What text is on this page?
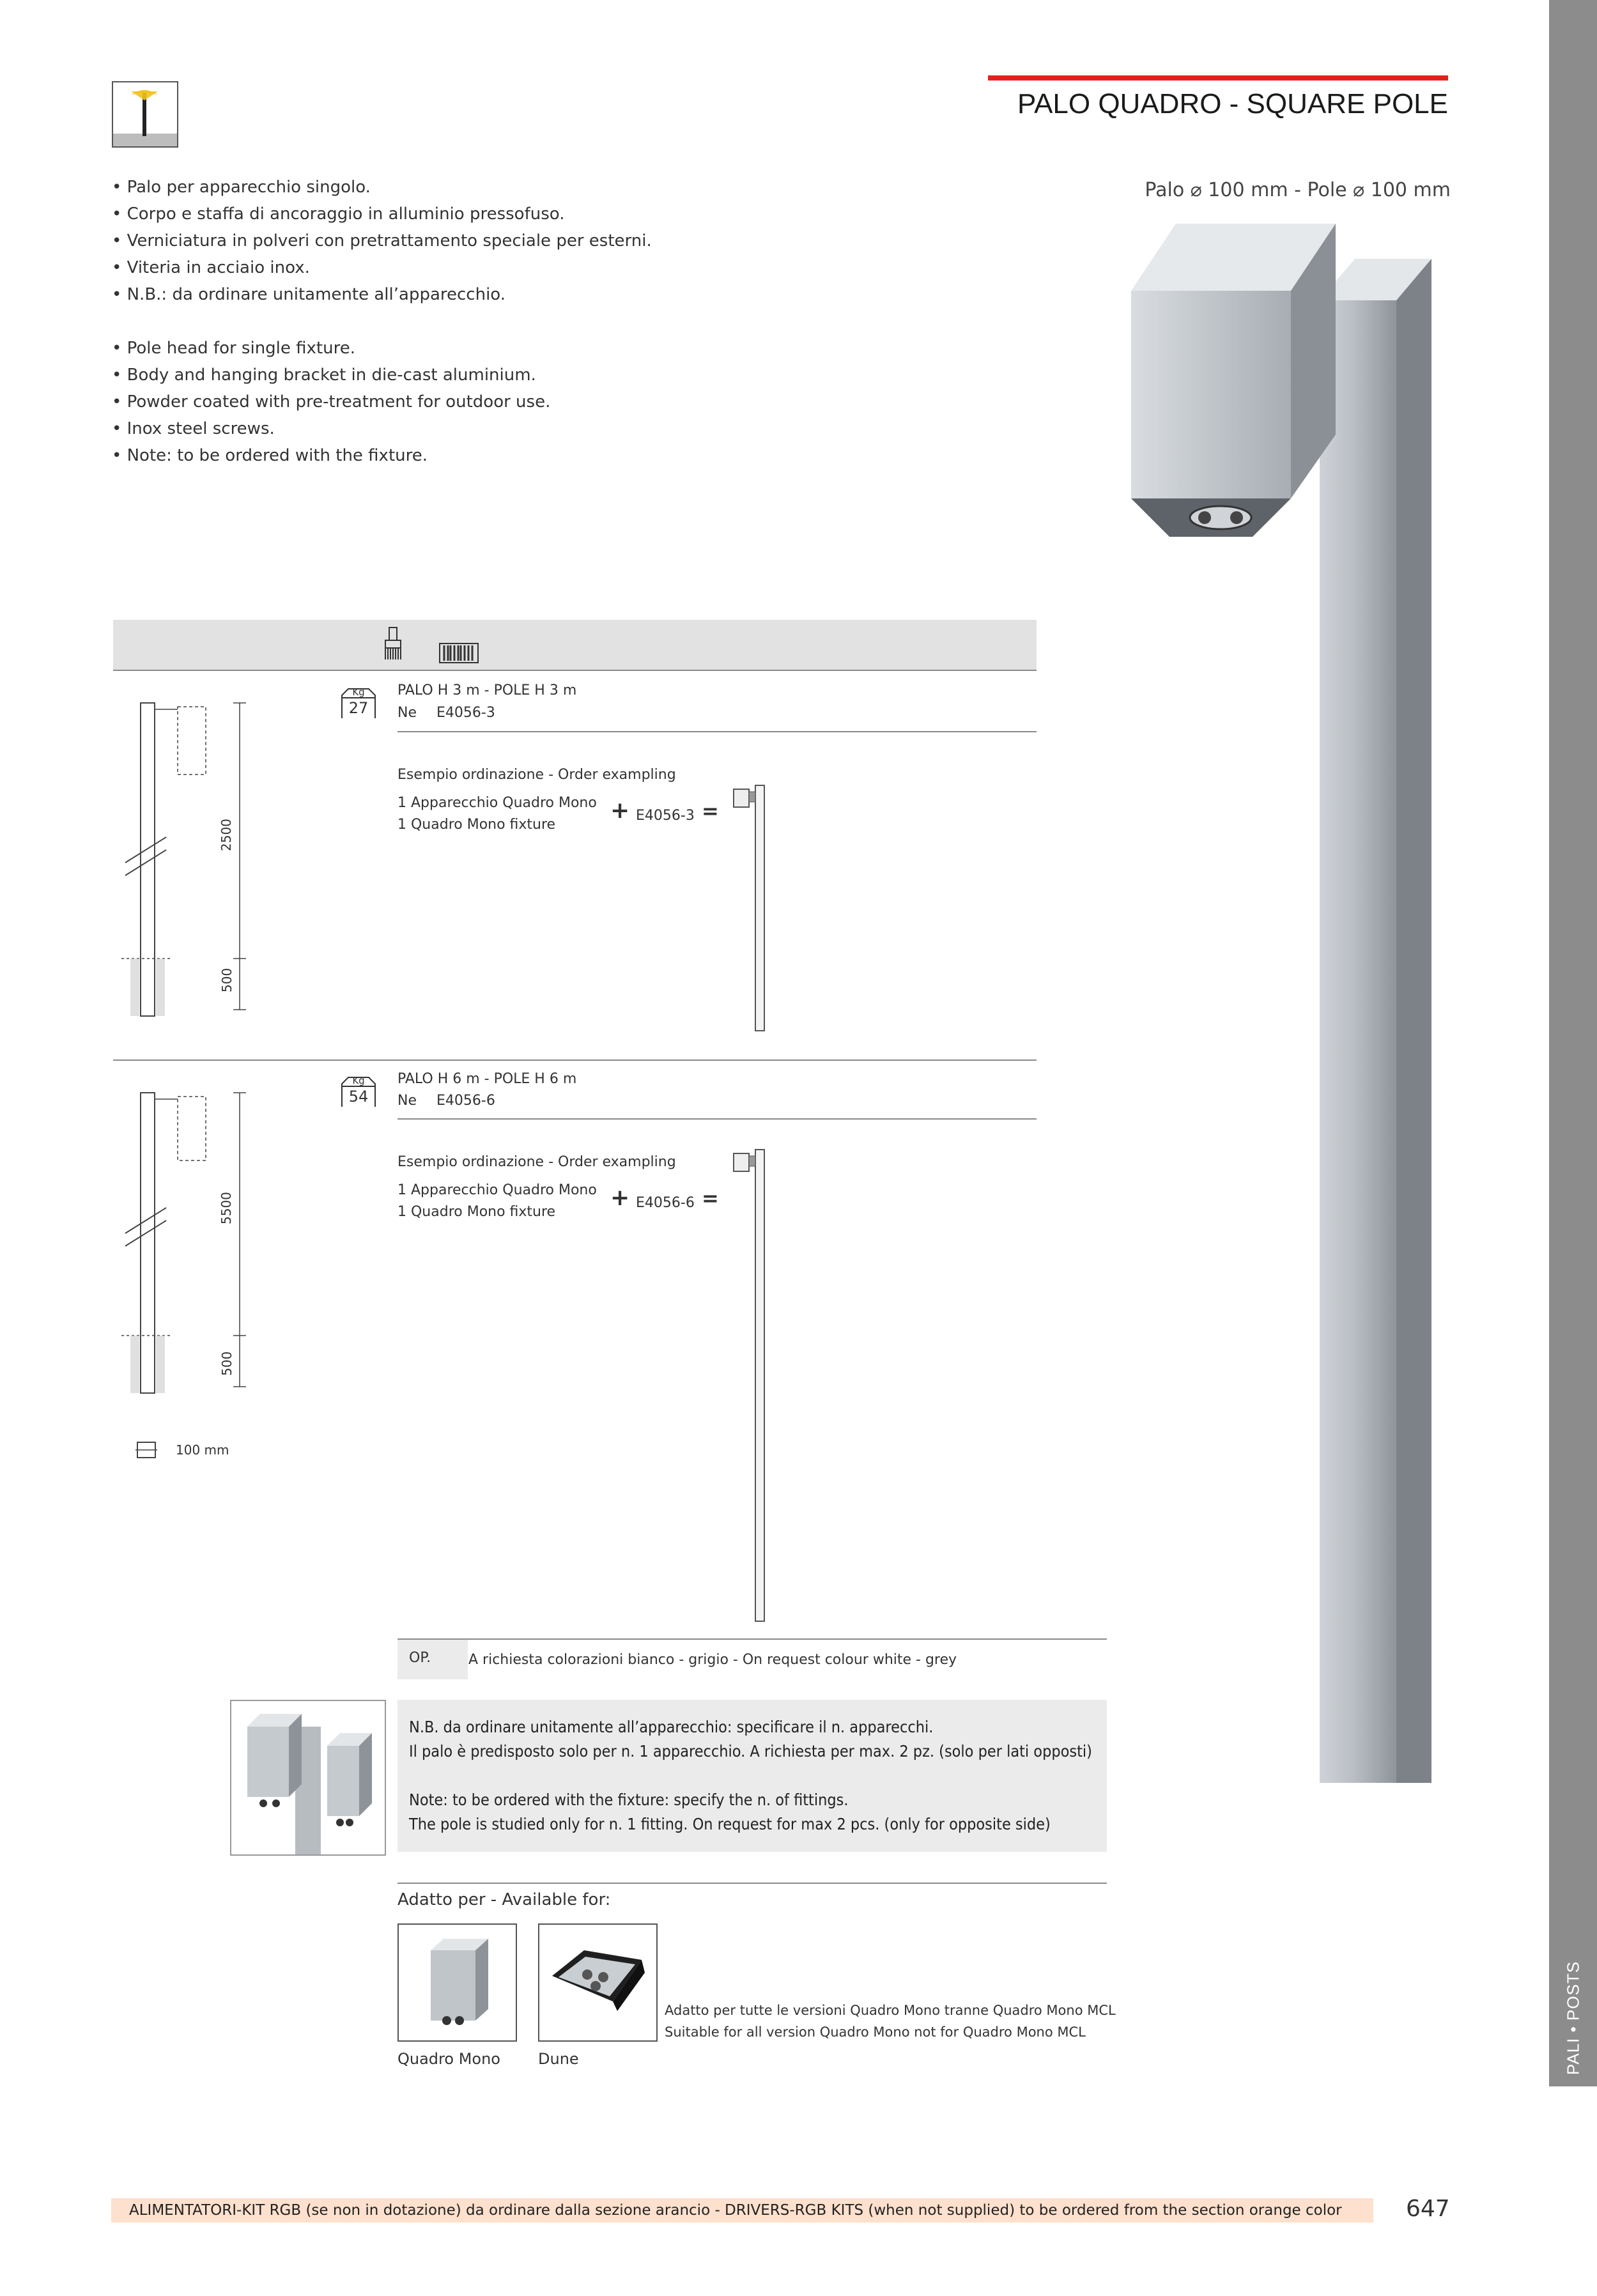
PALO QUADRO - SQUARE POLE
Palo ⌀ 100 mm - Pole ⌀ 100 mm
• Palo per apparecchio singolo.
• Corpo e staffa di ancoraggio in alluminio pressofuso.
• Verniciatura in polveri con pretrattamento speciale per esterni.
• Viteria in acciaio inox.
• N.B.: da ordinare unitamente all’apparecchio.
• Pole head for single fixture.
• Body and hanging bracket in die-cast aluminium.
• Powder coated with pre-treatment for outdoor use.
• Inox steel screws.
• Note: to be ordered with the fixture.
Kg
27
PALO H 3 m - POLE H 3 m
Ne E4056-3
Esempio ordinazione - Order exampling
1 Apparecchio Quadro Mono
1 Quadro Mono fixture
+ E4056-3 =
2500
500
Kg
54
PALO H 6 m - POLE H 6 m
Ne E4056-6
Esempio ordinazione - Order exampling
1 Apparecchio Quadro Mono
1 Quadro Mono fixture
+ E4056-6 =
5500
500
100 mm
OP.	A richiesta colorazioni bianco - grigio - On request colour white - grey
N.B. da ordinare unitamente all’apparecchio: specificare il n. apparecchi.
Il palo è predisposto solo per n. 1 apparecchio. A richiesta per max. 2 pz. (solo per lati opposti)
Note: to be ordered with the fixture: specify the n. of fittings.
The pole is studied only for n. 1 fitting. On request for max 2 pcs. (only for opposite side)
Adatto per - Available for:
Quadro Mono Dune
Adatto per tutte le versioni Quadro Mono tranne Quadro Mono MCL
Suitable for all version Quadro Mono not for Quadro Mono MCL	PALI • POSTS
ALIMENTATORI-KIT RGB (se non in dotazione) da ordinare dalla sezione arancio - DRIVERS-RGB KITS (when not supplied) to be ordered from the section orange color	647
